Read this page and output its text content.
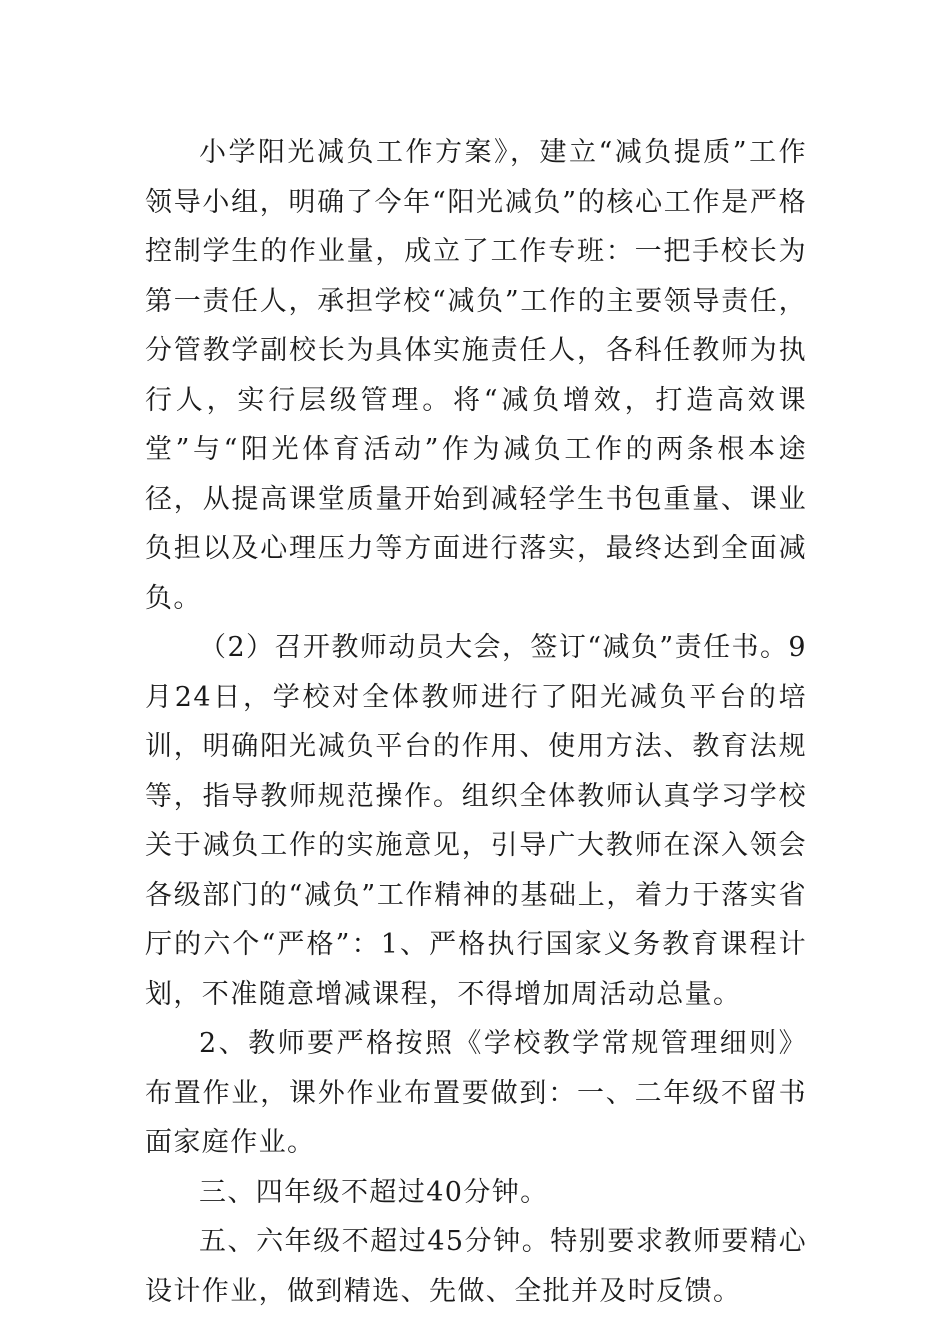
小学阳光减负工作方案》，建立“减负提质”工作领导小组，明确了今年“阳光减负”的核心工作是严格控制学生的作业量，成立了工作专班：一把手校长为第一责任人，承担学校“减负”工作的主要领导责任，分管教学副校长为具体实施责任人，各科任教师为执行人，实行层级管理。将“减负增效，打造高效课堂”与“阳光体育活动”作为减负工作的两条根本途径，从提高课堂质量开始到减轻学生书包重量、课业负担以及心理压力等方面进行落实，最终达到全面减负。

（2）召开教师动员大会，签订“减负”责任书。9月24日，学校对全体教师进行了阳光减负平台的培训，明确阳光减负平台的作用、使用方法、教育法规等，指导教师规范操作。组织全体教师认真学习学校关于减负工作的实施意见，引导广大教师在深入领会各级部门的“减负”工作精神的基础上，着力于落实省厅的六个“严格”：1、严格执行国家义务教育课程计划，不准随意增减课程，不得增加周活动总量。

2、教师要严格按照《学校教学常规管理细则》布置作业，课外作业布置要做到：一、二年级不留书面家庭作业。

三、四年级不超过40分钟。

五、六年级不超过45分钟。特别要求教师要精心设计作业，做到精选、先做、全批并及时反馈。
